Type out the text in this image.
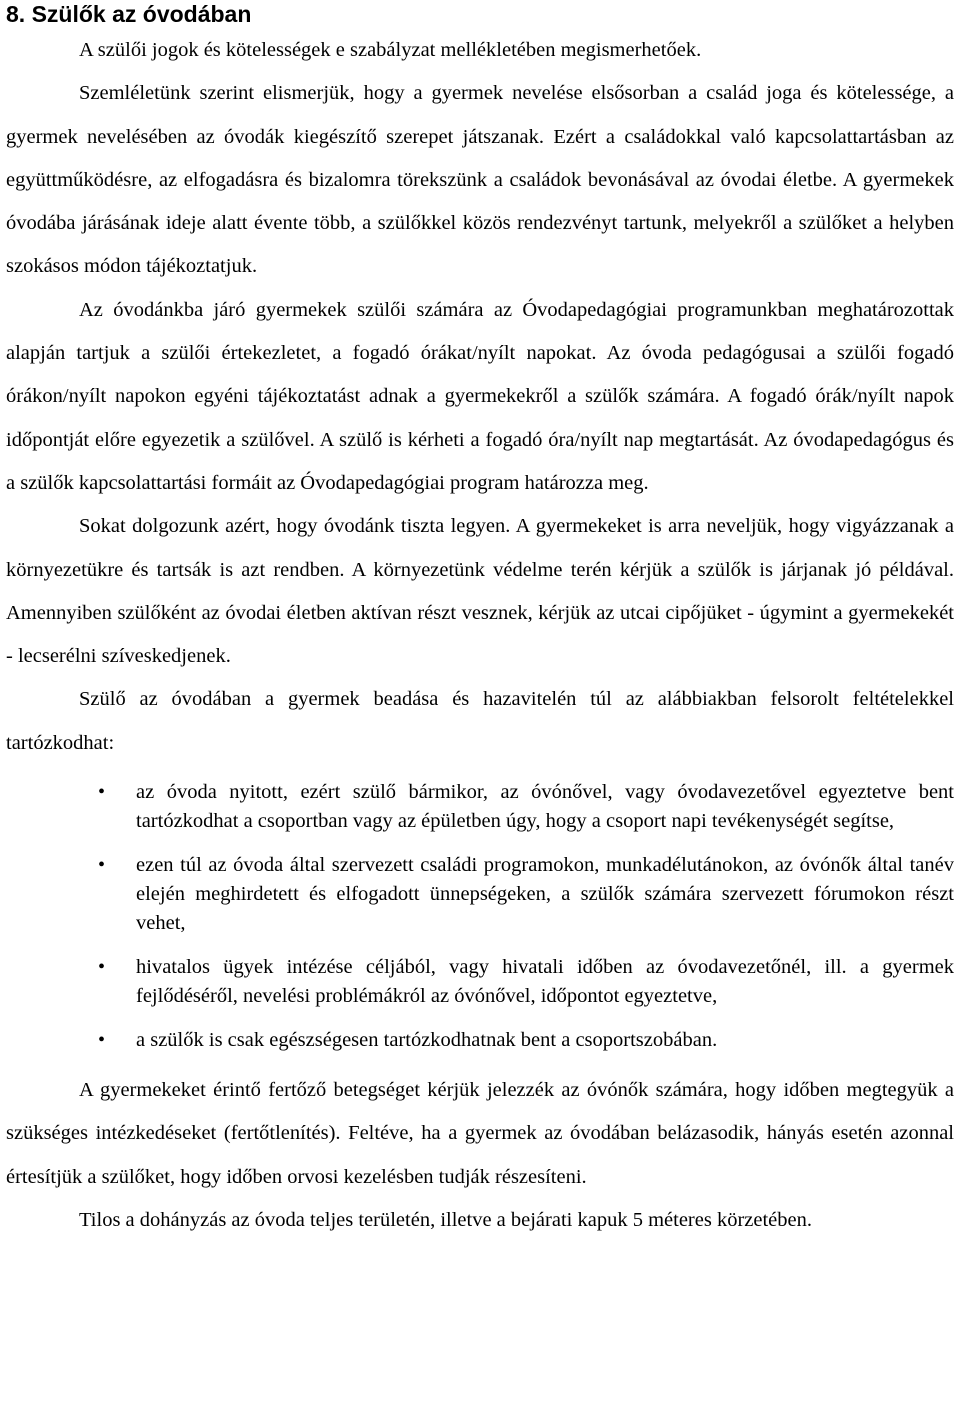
8. Szülők az óvodában

A szülői jogok és kötelességek e szabályzat mellékletében megismerhetőek.

Szemléletünk szerint elismerjük, hogy a gyermek nevelése elsősorban a család joga és kötelessége, a gyermek nevelésében az óvodák kiegészítő szerepet játszanak. Ezért a családokkal való kapcsolattartásban az együttműködésre, az elfogadásra és bizalomra törekszünk a családok bevonásával az óvodai életbe. A gyermekek óvodába járásának ideje alatt évente több, a szülőkkel közös rendezvényt tartunk, melyekről a szülőket a helyben szokásos módon tájékoztatjuk.

Az óvodánkba járó gyermekek szülői számára az Óvodapedagógiai programunkban meghatározottak alapján tartjuk a szülői értekezletet, a fogadó órákat/nyílt napokat. Az óvoda pedagógusai a szülői fogadó órákon/nyílt napokon egyéni tájékoztatást adnak a gyermekekről a szülők számára. A fogadó órák/nyílt napok időpontját előre egyezetik a szülővel. A szülő is kérheti a fogadó óra/nyílt nap megtartását. Az óvodapedagógus és a szülők kapcsolattartási formáit az Óvodapedagógiai program határozza meg.

Sokat dolgozunk azért, hogy óvodánk tiszta legyen. A gyermekeket is arra neveljük, hogy vigyázzanak a környezetükre és tartsák is azt rendben. A környezetünk védelme terén kérjük a szülők is járjanak jó példával. Amennyiben szülőként az óvodai életben aktívan részt vesznek, kérjük az utcai cipőjüket - úgymint a gyermekekét - lecserélni szíveskedjenek.

Szülő az óvodában a gyermek beadása és hazavitelén túl az alábbiakban felsorolt feltételekkel tartózkodhat:

• az óvoda nyitott, ezért szülő bármikor, az óvónővel, vagy óvodavezetővel egyeztetve bent tartózkodhat a csoportban vagy az épületben úgy, hogy a csoport napi tevékenységét segítse,
• ezen túl az óvoda által szervezett családi programokon, munkadélutánokon, az óvónők által tanév elején meghirdetett és elfogadott ünnepségeken, a szülők számára szervezett fórumokon részt vehet,
• hivatalos ügyek intézése céljából, vagy hivatali időben az óvodavezetőnél, ill. a gyermek fejlődéséről, nevelési problémákról az óvónővel, időpontot egyeztetve,
• a szülők is csak egészségesen tartózkodhatnak bent a csoportszobában.

A gyermekeket érintő fertőző betegséget kérjük jelezzék az óvónők számára, hogy időben megtegyük a szükséges intézkedéseket (fertőtlenítés). Feltéve, ha a gyermek az óvodában belázasodik, hányás esetén azonnal értesítjük a szülőket, hogy időben orvosi kezelésben tudják részesíteni.

Tilos a dohányzás az óvoda teljes területén, illetve a bejárati kapuk 5 méteres körzetében.
